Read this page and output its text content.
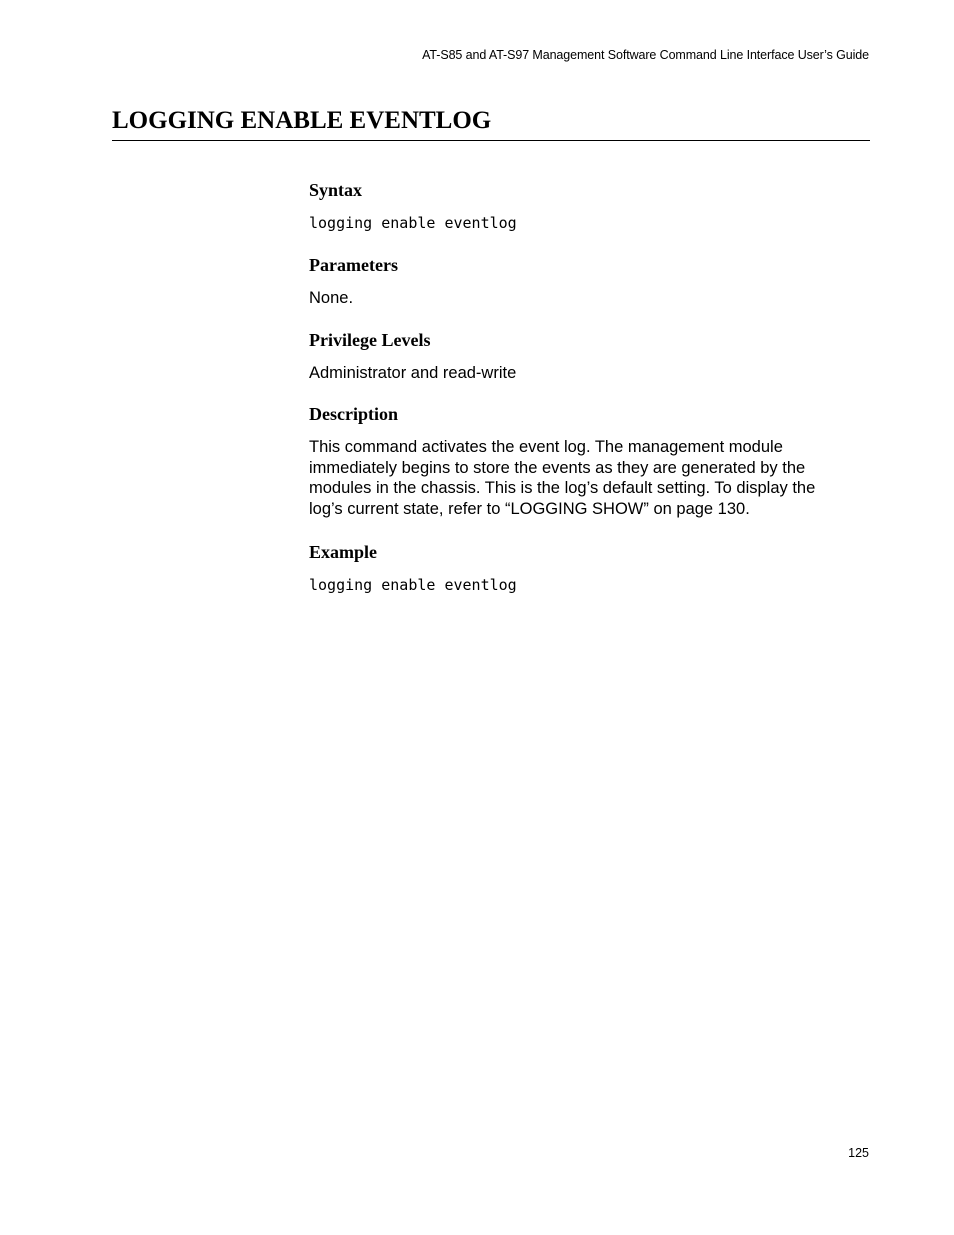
AT-S85 and AT-S97 Management Software Command Line Interface User’s Guide
LOGGING ENABLE EVENTLOG
Syntax
logging enable eventlog
Parameters

None.

Privilege Levels

Administrator and read-write

Description

This command activates the event log. The management module
immediately begins to store the events as they are generated by the
modules in the chassis. This is the log’s default setting. To display the
log’s current state, refer to “LOGGING SHOW” on page 130.

Example
logging enable eventlog
125
